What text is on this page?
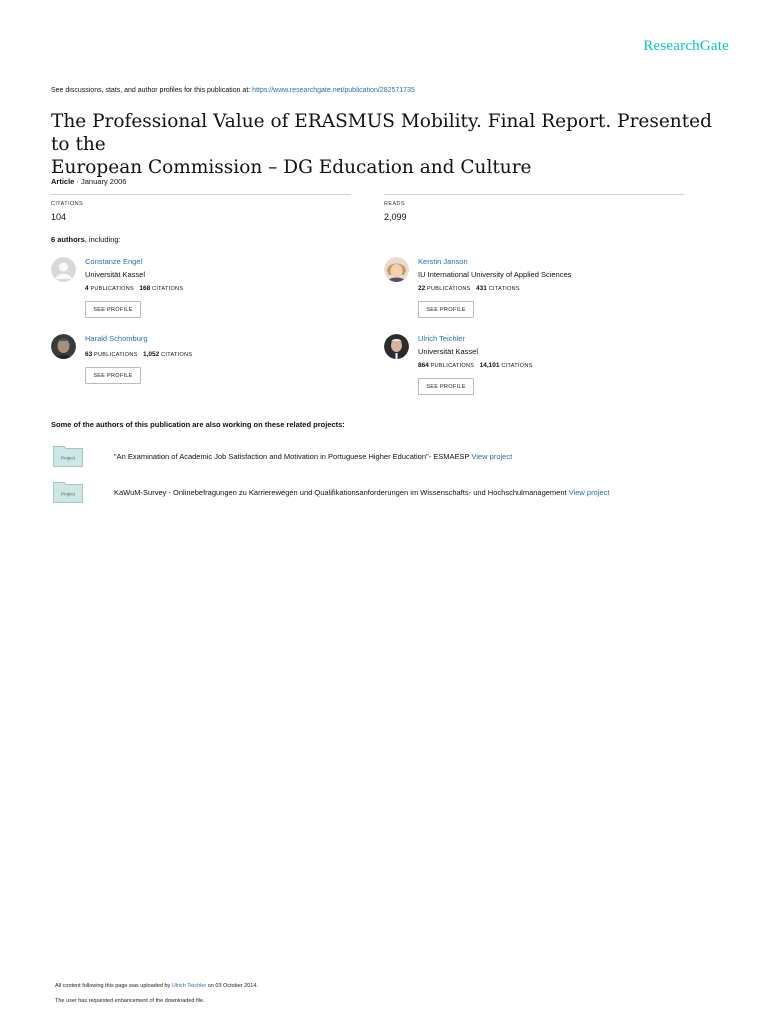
ResearchGate
See discussions, stats, and author profiles for this publication at: https://www.researchgate.net/publication/282571735
The Professional Value of ERASMUS Mobility. Final Report. Presented to the
European Commission – DG Education and Culture
Article · January 2006
CITATIONS
104
READS
2,099
6 authors, including:
Constanze Engel
Universität Kassel
4 PUBLICATIONS 168 CITATIONS
SEE PROFILE
Kerstin Janson
IU International University of Applied Sciences
22 PUBLICATIONS 431 CITATIONS
SEE PROFILE
Harald Schomburg
63 PUBLICATIONS 1,052 CITATIONS
SEE PROFILE
Ulrich Teichler
Universität Kassel
864 PUBLICATIONS 14,101 CITATIONS
SEE PROFILE
Some of the authors of this publication are also working on these related projects:
Project	"An Examination of Academic Job Satisfaction and Motivation in Portuguese Higher Education"- ESMAESP View project
Project	KaWuM-Survey - Onlinebefragungen zu Karrierewegen und Qualifikationsanforderungen im Wissenschafts- und Hochschulmanagement View project
All content following this page was uploaded by Ulrich Teichler on 03 October 2014.
The user has requested enhancement of the downloaded file.
